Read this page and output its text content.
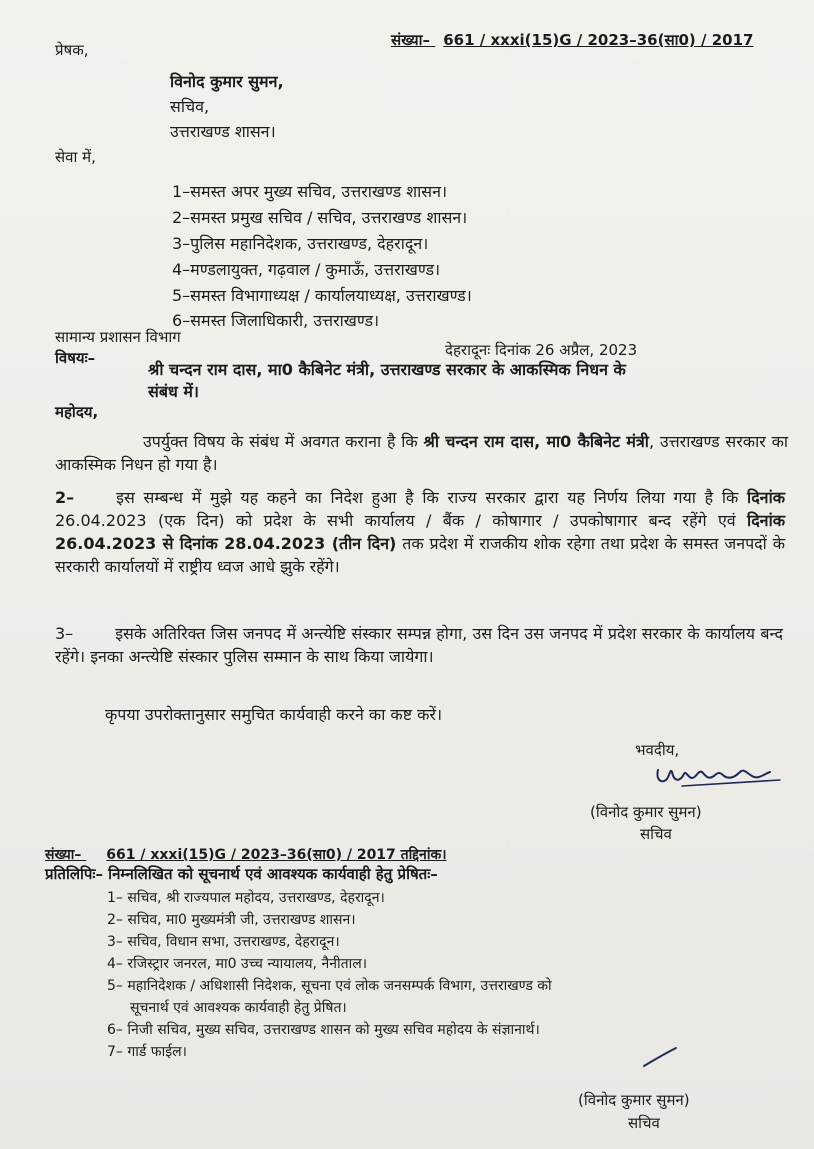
संख्या– 661 / xxxi(15)G / 2023–36(सा0) / 2017
प्रेषक,
विनोद कुमार सुमन,
सचिव,
उत्तराखण्ड शासन।
सेवा में,
1–समस्त अपर मुख्य सचिव, उत्तराखण्ड शासन।
2–समस्त प्रमुख सचिव / सचिव, उत्तराखण्ड शासन।
3–पुलिस महानिदेशक, उत्तराखण्ड, देहरादून।
4–मण्डलायुक्त, गढ़वाल / कुमाऊँ, उत्तराखण्ड।
5–समस्त विभागाध्यक्ष / कार्यालयाध्यक्ष, उत्तराखण्ड।
6–समस्त जिलाधिकारी, उत्तराखण्ड।
सामान्य प्रशासन विभाग
देहरादूनः दिनांक 26 अप्रैल, 2023
विषयः–
श्री चन्दन राम दास, मा0 कैबिनेट मंत्री, उत्तराखण्ड सरकार के आकस्मिक निधन के
संबंध में।
महोदय,
उपर्युक्त विषय के संबंध में अवगत कराना है कि श्री चन्दन राम दास, मा0 कैबिनेट मंत्री, उत्तराखण्ड सरकार का आकस्मिक निधन हो गया है।
2–	इस सम्बन्ध में मुझे यह कहने का निदेश हुआ है कि राज्य सरकार द्वारा यह निर्णय लिया गया है कि दिनांक 26.04.2023 (एक दिन) को प्रदेश के सभी कार्यालय / बैंक / कोषागार / उपकोषागार बन्द रहेंगे एवं दिनांक 26.04.2023 से दिनांक 28.04.2023 (तीन दिन) तक प्रदेश में राजकीय शोक रहेगा तथा प्रदेश के समस्त जनपदों के सरकारी कार्यालयों में राष्ट्रीय ध्वज आधे झुके रहेंगे।
3–	इसके अतिरिक्त जिस जनपद में अन्त्येष्टि संस्कार सम्पन्न होगा, उस दिन उस जनपद में प्रदेश सरकार के कार्यालय बन्द रहेंगे। इनका अन्त्येष्टि संस्कार पुलिस सम्मान के साथ किया जायेगा।
कृपया उपरोक्तानुसार समुचित कार्यवाही करने का कष्ट करें।
भवदीय,
(विनोद कुमार सुमन)
सचिव
संख्या– 661 / xxxi(15)G / 2023–36(सा0) / 2017 तद्दिनांक।
प्रतिलिपिः– निम्नलिखित को सूचनार्थ एवं आवश्यक कार्यवाही हेतु प्रेषितः–
1– सचिव, श्री राज्यपाल महोदय, उत्तराखण्ड, देहरादून।
2– सचिव, मा0 मुख्यमंत्री जी, उत्तराखण्ड शासन।
3– सचिव, विधान सभा, उत्तराखण्ड, देहरादून।
4– रजिस्ट्रार जनरल, मा0 उच्च न्यायालय, नैनीताल।
5– महानिदेशक / अधिशासी निदेशक, सूचना एवं लोक जनसम्पर्क विभाग, उत्तराखण्ड को
सूचनार्थ एवं आवश्यक कार्यवाही हेतु प्रेषित।
6– निजी सचिव, मुख्य सचिव, उत्तराखण्ड शासन को मुख्य सचिव महोदय के संज्ञानार्थ।
7– गार्ड फाईल।
(विनोद कुमार सुमन)
सचिव
